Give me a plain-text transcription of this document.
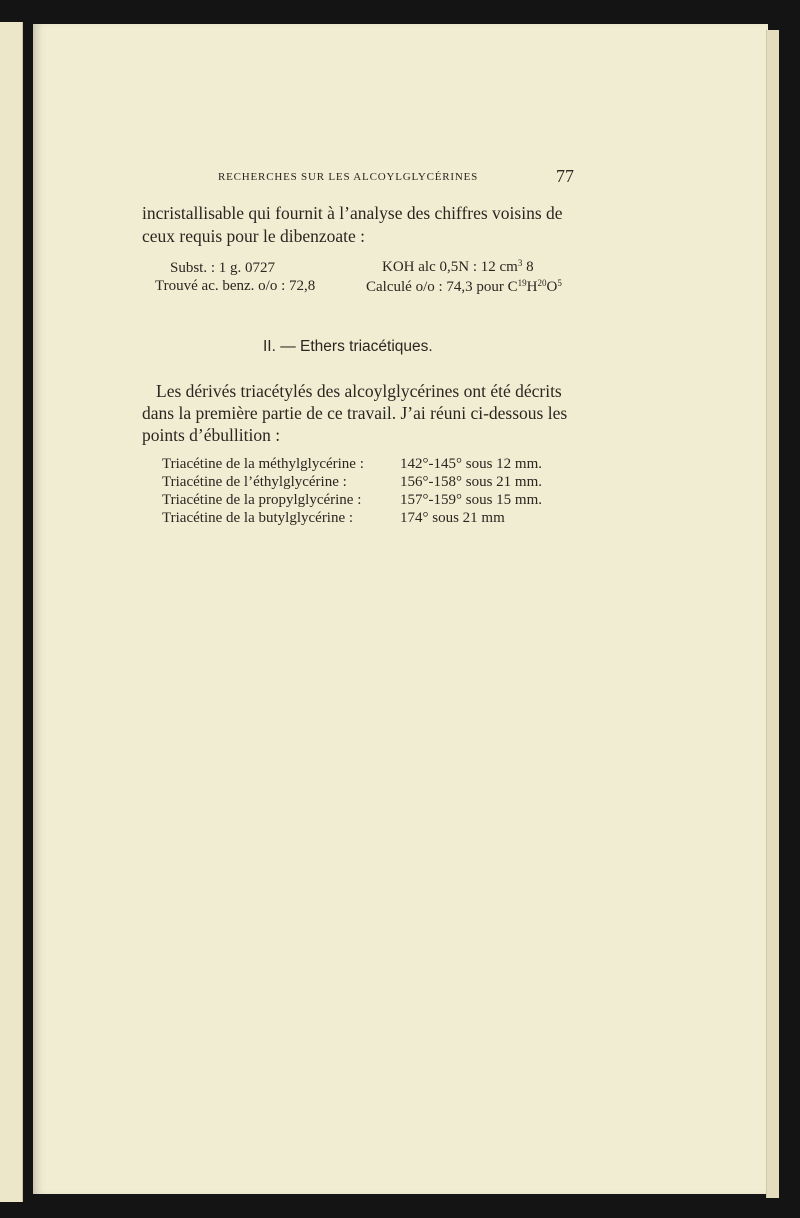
RECHERCHES SUR LES ALCOYLGLYCÉRINES	77
incristallisable qui fournit à l’analyse des chiffres voisins de
ceux requis pour le dibenzoate :
Subst. : 1 g. 0727	KOH alc 0,5N : 12 $cm^3$ 8
Trouvé ac. benz. o/o : 72,8	Calculé o/o : 74,3 pour $C^{19}H^{20}O^5$
II. — Ethers triacétiques.
Les dérivés triacétylés des alcoylglycérines ont été décrits
dans la première partie de ce travail. J’ai réuni ci-dessous les
points d’ébullition :
Triacétine de la méthylglycérine : 142°-145° sous 12 mm.
Triacétine de l’éthylglycérine :	156°-158° sous 21 mm.
Triacétine de la propylglycérine :	157°-159° sous 15 mm.
Triacétine de la butylglycérine :	174° sous 21 mm
